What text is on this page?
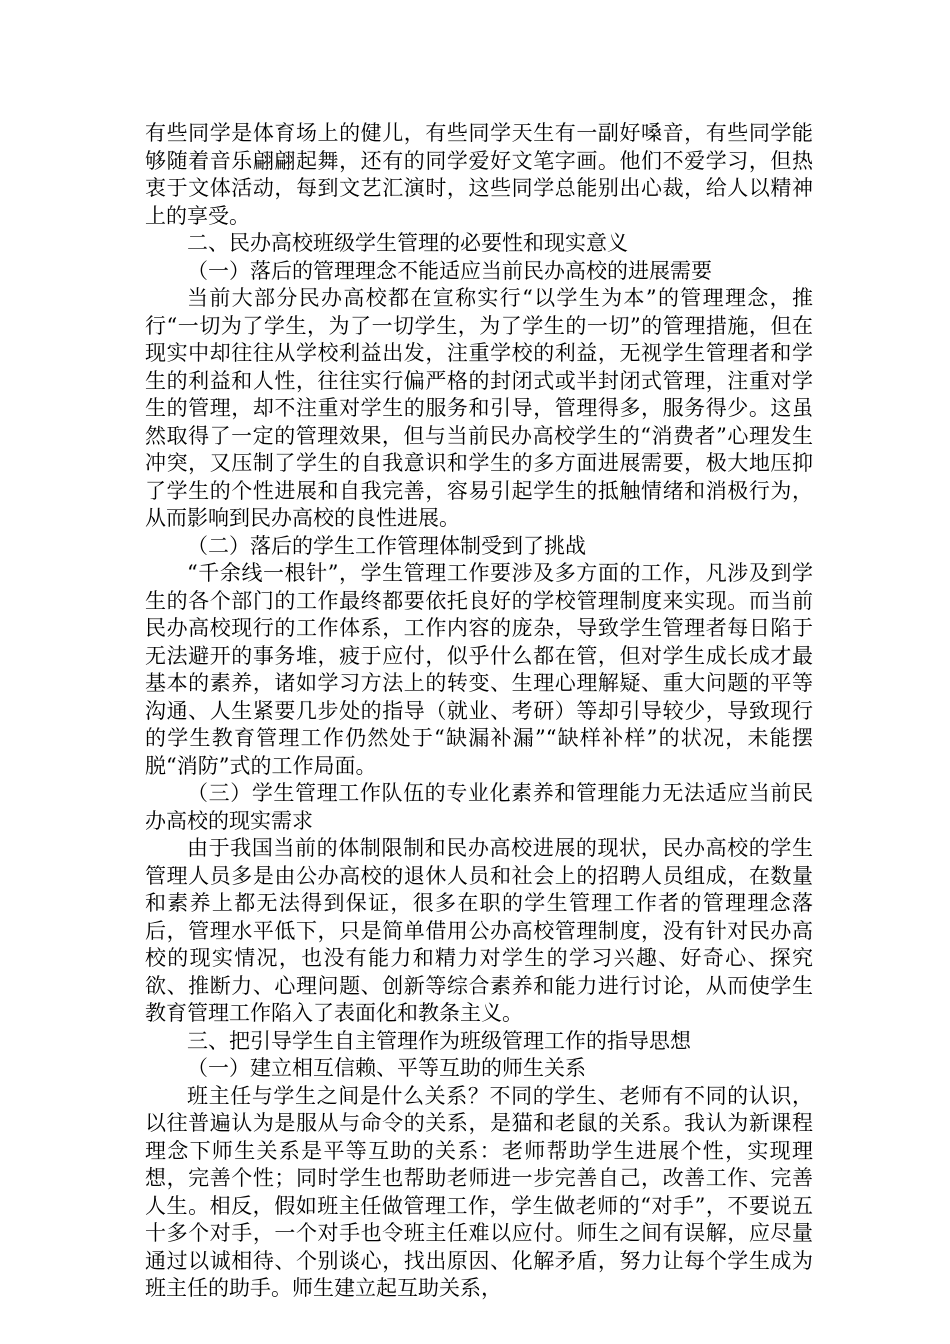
有些同学是体育场上的健儿，有些同学天生有一副好嗓音，有些同学能够随着音乐翩翩起舞，还有的同学爱好文笔字画。他们不爱学习，但热衷于文体活动，每到文艺汇演时，这些同学总能别出心裁，给人以精神上的享受。

二、民办高校班级学生管理的必要性和现实意义

（一）落后的管理理念不能适应当前民办高校的进展需要

当前大部分民办高校都在宣称实行“以学生为本”的管理理念，推行“一切为了学生，为了一切学生，为了学生的一切”的管理措施，但在现实中却往往从学校利益出发，注重学校的利益，无视学生管理者和学生的利益和人性，往往实行偏严格的封闭式或半封闭式管理，注重对学生的管理，却不注重对学生的服务和引导，管理得多，服务得少。这虽然取得了一定的管理效果，但与当前民办高校学生的“消费者”心理发生冲突，又压制了学生的自我意识和学生的多方面进展需要，极大地压抑了学生的个性进展和自我完善，容易引起学生的抵触情绪和消极行为，从而影响到民办高校的良性进展。

（二）落后的学生工作管理体制受到了挑战

“千余线一根针”，学生管理工作要涉及多方面的工作，凡涉及到学生的各个部门的工作最终都要依托良好的学校管理制度来实现。而当前民办高校现行的工作体系，工作内容的庞杂，导致学生管理者每日陷于无法避开的事务堆，疲于应付，似乎什么都在管，但对学生成长成才最基本的素养，诸如学习方法上的转变、生理心理解疑、重大问题的平等沟通、人生紧要几步处的指导（就业、考研）等却引导较少，导致现行的学生教育管理工作仍然处于“缺漏补漏”“缺样补样”的状况，未能摆脱“消防”式的工作局面。

（三）学生管理工作队伍的专业化素养和管理能力无法适应当前民办高校的现实需求

由于我国当前的体制限制和民办高校进展的现状，民办高校的学生管理人员多是由公办高校的退休人员和社会上的招聘人员组成，在数量和素养上都无法得到保证，很多在职的学生管理工作者的管理理念落后，管理水平低下，只是简单借用公办高校管理制度，没有针对民办高校的现实情况，也没有能力和精力对学生的学习兴趣、好奇心、探究欲、推断力、心理问题、创新等综合素养和能力进行讨论，从而使学生教育管理工作陷入了表面化和教条主义。

三、把引导学生自主管理作为班级管理工作的指导思想

（一）建立相互信赖、平等互助的师生关系

班主任与学生之间是什么关系？不同的学生、老师有不同的认识，以往普遍认为是服从与命令的关系，是猫和老鼠的关系。我认为新课程理念下师生关系是平等互助的关系：老师帮助学生进展个性，实现理想，完善个性；同时学生也帮助老师进一步完善自己，改善工作、完善人生。相反，假如班主任做管理工作，学生做老师的“对手”，不要说五十多个对手，一个对手也令班主任难以应付。师生之间有误解，应尽量通过以诚相待、个别谈心，找出原因、化解矛盾，努力让每个学生成为班主任的助手。师生建立起互助关系，
